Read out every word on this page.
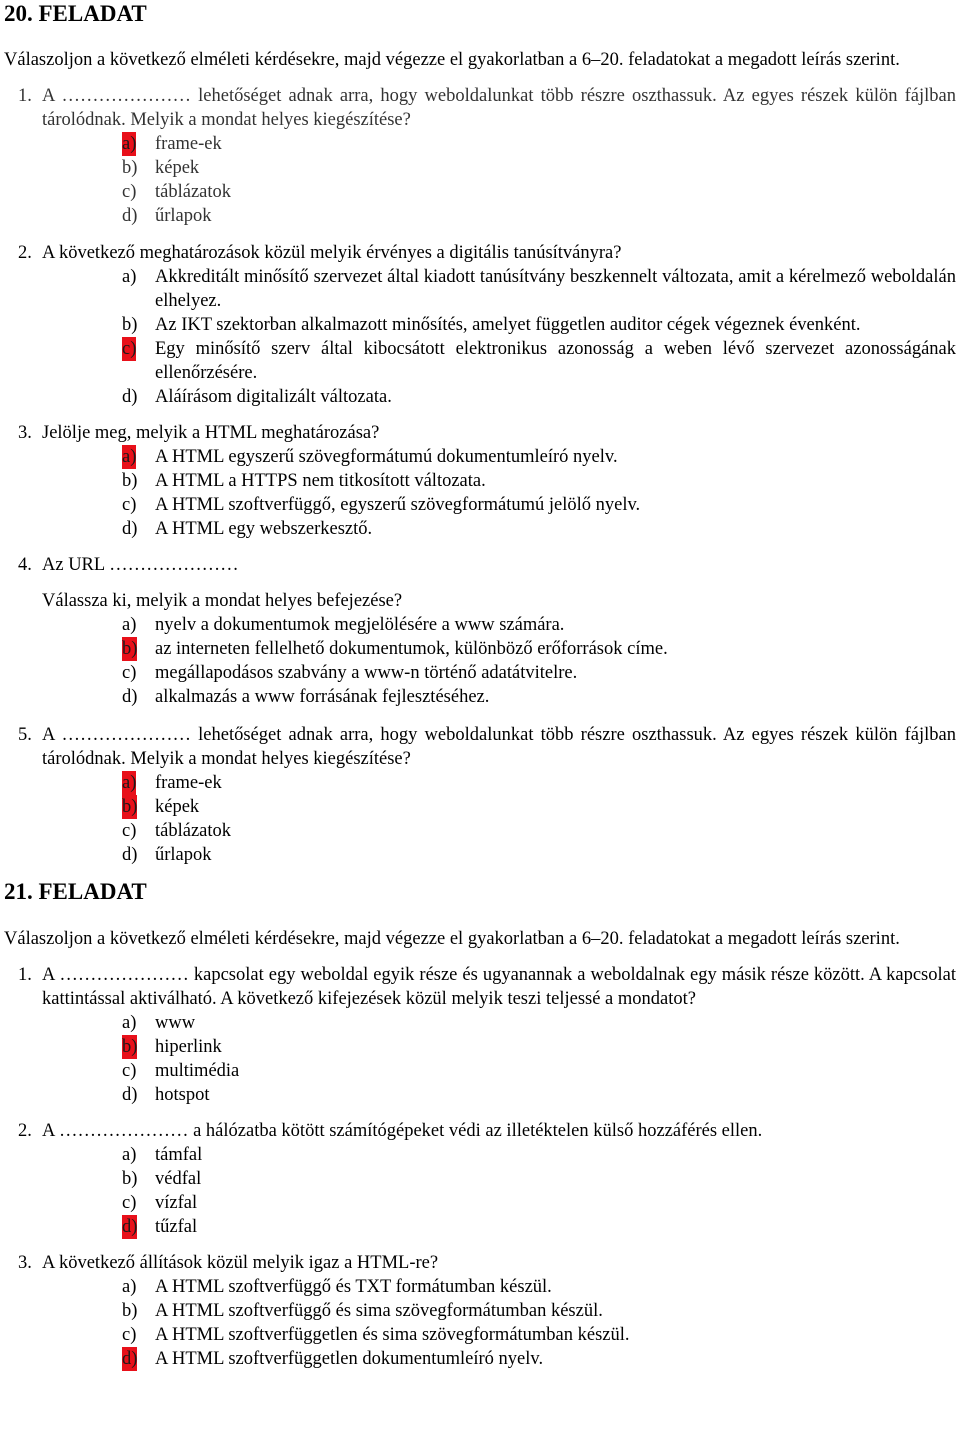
20. FELADAT
Válaszoljon a következő elméleti kérdésekre, majd végezze el gyakorlatban a 6–20. feladatokat a megadott leírás szerint.
1. A ………………… lehetőséget adnak arra, hogy weboldalunkat több részre oszthassuk. Az egyes részek külön fájlban tárolódnak. Melyik a mondat helyes kiegészítése?
a) frame-ek
b) képek
c) táblázatok
d) űrlapok
2. A következő meghatározások közül melyik érvényes a digitális tanúsítványra?
a) Akkreditált minősítő szervezet által kiadott tanúsítvány beszkennelt változata, amit a kérelmező weboldalán elhelyez.
b) Az IKT szektorban alkalmazott minősítés, amelyet független auditor cégek végeznek évenként.
c) Egy minősítő szerv által kibocsátott elektronikus azonosság a weben lévő szervezet azonosságának ellenőrzésére.
d) Aláírásom digitalizált változata.
3. Jelölje meg, melyik a HTML meghatározása?
a) A HTML egyszerű szövegformátumú dokumentumleíró nyelv.
b) A HTML a HTTPS nem titkosított változata.
c) A HTML szoftverfüggő, egyszerű szövegformátumú jelölő nyelv.
d) A HTML egy webszerkesztő.
4. Az URL …………………
Válassza ki, melyik a mondat helyes befejezése?
a) nyelv a dokumentumok megjelölésére a www számára.
b) az interneten fellelhető dokumentumok, különböző erőforrások címe.
c) megállapodásos szabvány a www-n történő adatátvitelre.
d) alkalmazás a www forrásának fejlesztéséhez.
5. A ………………… lehetőséget adnak arra, hogy weboldalunkat több részre oszthassuk. Az egyes részek külön fájlban tárolódnak. Melyik a mondat helyes kiegészítése?
a) frame-ek
b) képek
c) táblázatok
d) űrlapok
21. FELADAT
Válaszoljon a következő elméleti kérdésekre, majd végezze el gyakorlatban a 6–20. feladatokat a megadott leírás szerint.
1. A ………………… kapcsolat egy weboldal egyik része és ugyanannak a weboldalnak egy másik része között. A kapcsolat kattintással aktiválható. A következő kifejezések közül melyik teszi teljessé a mondatot?
a) www
b) hiperlink
c) multimédia
d) hotspot
2. A ………………… a hálózatba kötött számítógépeket védi az illetéktelen külső hozzáférés ellen.
a) támfal
b) védfal
c) vízfal
d) tűzfal
3. A következő állítások közül melyik igaz a HTML-re?
a) A HTML szoftverfüggő és TXT formátumban készül.
b) A HTML szoftverfüggő és sima szövegformátumban készül.
c) A HTML szoftverfüggetlen és sima szövegformátumban készül.
d) A HTML szoftverfüggetlen dokumentumleíró nyelv.
